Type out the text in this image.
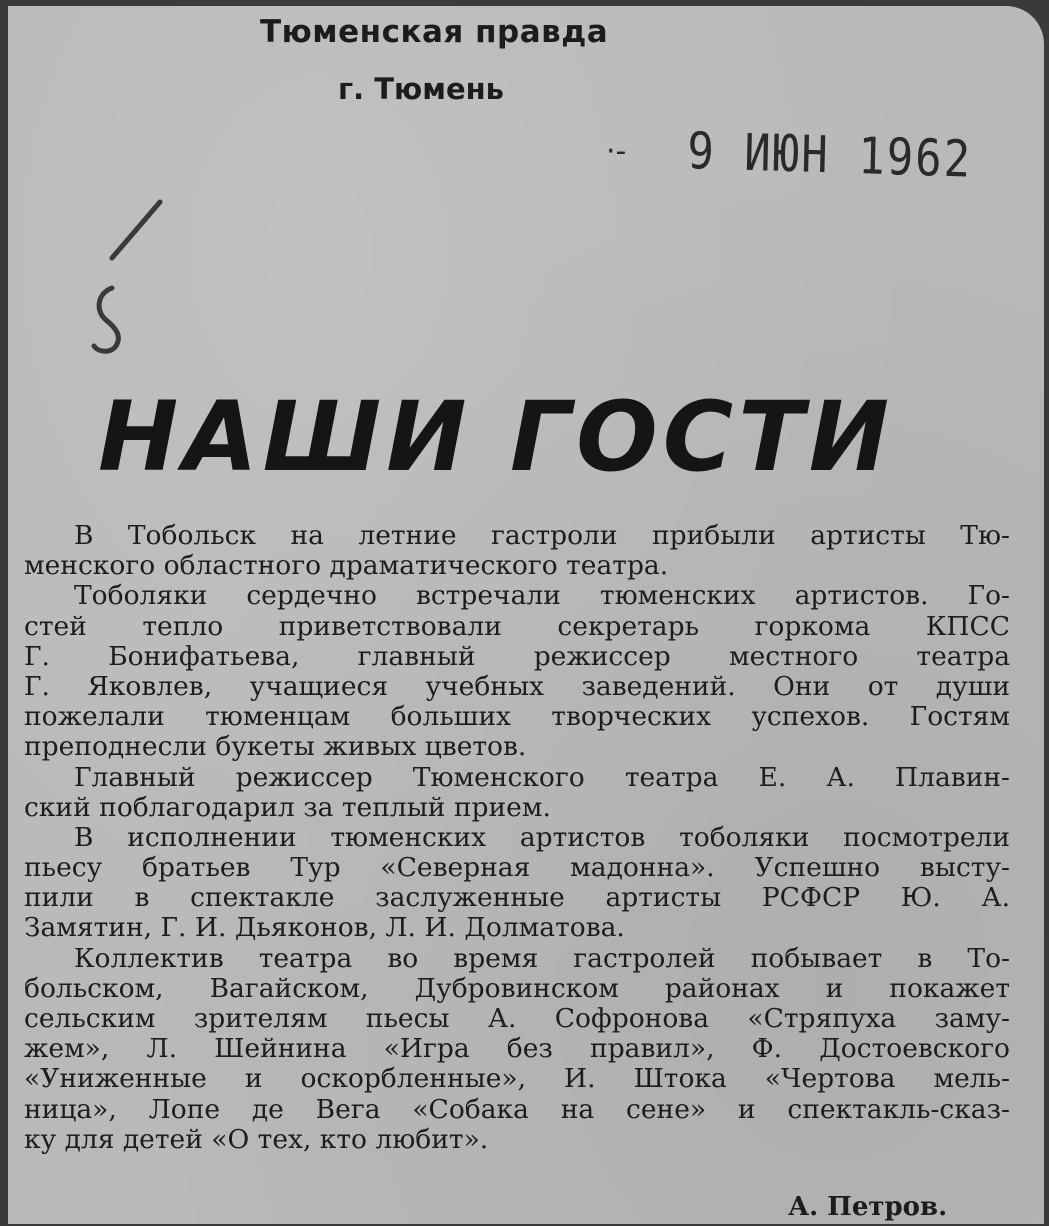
Тюменская правда
г. Тюмень
·- 9 ИЮН 1962
НАШИ ГОСТИ
В Тобольск на летние гастроли прибыли артисты Тю-
менского областного драматического театра.
Тоболяки сердечно встречали тюменских артистов. Го-
стей тепло приветствовали секретарь горкома КПСС
Г. Бонифатьева, главный режиссер местного театра
Г. Яковлев, учащиеся учебных заведений. Они от души
пожелали тюменцам больших творческих успехов. Гостям
преподнесли букеты живых цветов.
Главный режиссер Тюменского театра Е. А. Плавин-
ский поблагодарил за теплый прием.
В исполнении тюменских артистов тоболяки посмотрели
пьесу братьев Тур «Северная мадонна». Успешно высту-
пили в спектакле заслуженные артисты РСФСР Ю. А.
Замятин, Г. И. Дьяконов, Л. И. Долматова.
Коллектив театра во время гастролей побывает в То-
больском, Вагайском, Дубровинском районах и покажет
сельским зрителям пьесы А. Софронова «Стряпуха заму-
жем», Л. Шейнина «Игра без правил», Ф. Достоевского
«Униженные и оскорбленные», И. Штока «Чертова мель-
ница», Лопе де Вега «Собака на сене» и спектакль-сказ-
ку для детей «О тех, кто любит».
А. Петров.
